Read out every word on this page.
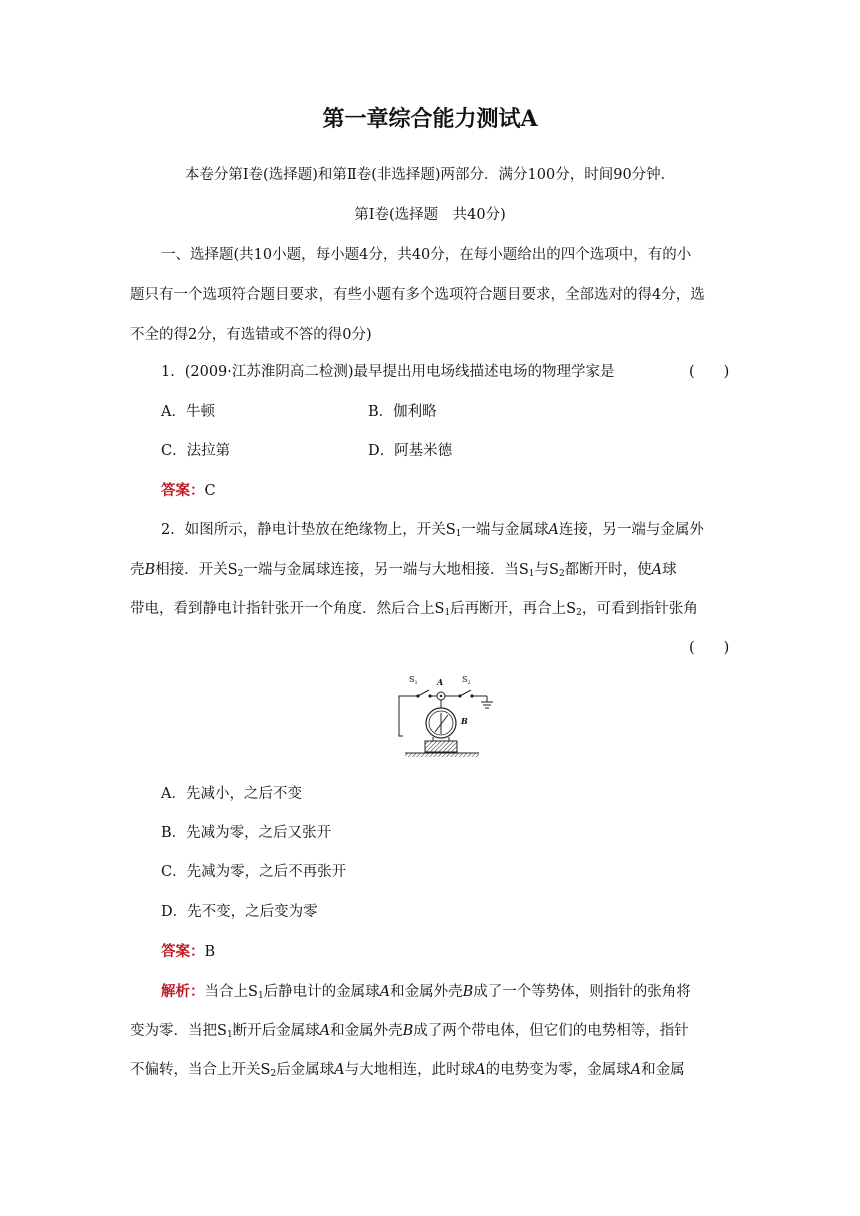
第一章综合能力测试A
本卷分第Ⅰ卷(选择题)和第Ⅱ卷(非选择题)两部分．满分100分，时间90分钟．
第Ⅰ卷(选择题　共40分)
一、选择题(共10小题，每小题4分，共40分，在每小题给出的四个选项中，有的小
题只有一个选项符合题目要求，有些小题有多个选项符合题目要求，全部选对的得4分，选
不全的得2分，有选错或不答的得0分)
1．(2009·江苏淮阴高二检测)最早提出用电场线描述电场的物理学家是	(　　)
A．牛顿	B．伽利略
C．法拉第	D．阿基米德
答案：C
2．如图所示，静电计垫放在绝缘物上，开关$S_1$一端与金属球A连接，另一端与金属外
壳B相接．开关$S_2$一端与金属球连接，另一端与大地相接．当$S_1$与$S_2$都断开时，使A球
带电，看到静电计指针张开一个角度．然后合上$S_1$后再断开，再合上$S_2$，可看到指针张角
(　　)
$S_1$ A $S_2$
B
A．先减小，之后不变
B．先减为零，之后又张开
C．先减为零，之后不再张开
D．先不变，之后变为零
答案：B
解析：当合上$S_1$后静电计的金属球A和金属外壳B成了一个等势体，则指针的张角将
变为零．当把$S_1$断开后金属球A和金属外壳B成了两个带电体，但它们的电势相等，指针
不偏转，当合上开关$S_2$后金属球A与大地相连，此时球A的电势变为零，金属球A和金属
